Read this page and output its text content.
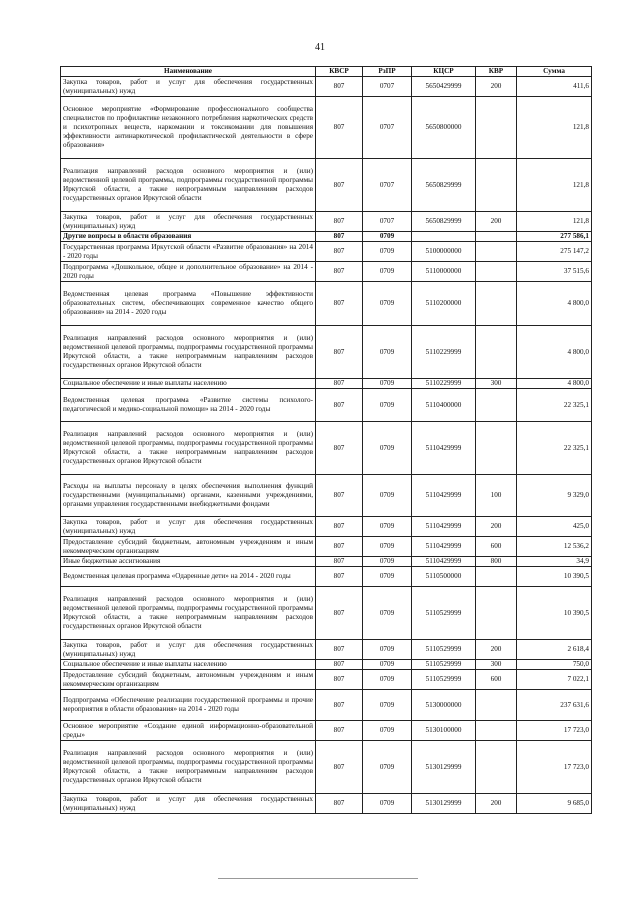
41
Наименование	КВСР	РзПР	КЦСР	КВР	Сумма
Закупка товаров, работ и услуг для обеспечения государственных (муниципальных) нужд	807	0707	5650429999	200	411,6
Основное мероприятие «Формирование профессионального сообщества специалистов по профилактике незаконного потребления наркотических средств и психотропных веществ, наркомании и токсикомании для повышения эффективности антинаркотической профилактической деятельности в сфере образования»	807	0707	5650800000		121,8
Реализация направлений расходов основного мероприятия и (или) ведомственной целевой программы, подпрограммы государственной программы Иркутской области, а также непрограммным направлениям расходов государственных органов Иркутской области	807	0707	5650829999		121,8
Закупка товаров, работ и услуг для обеспечения государственных (муниципальных) нужд	807	0707	5650829999	200	121,8
Другие вопросы в области образования	807	0709			277 586,1
Государственная программа Иркутской области «Развитие образования» на 2014 - 2020 годы	807	0709	5100000000		275 147,2
Подпрограмма «Дошкольное, общее и дополнительное образование» на 2014 - 2020 годы	807	0709	5110000000		37 515,6
Ведомственная целевая программа «Повышение эффективности образовательных систем, обеспечивающих современное качество общего образования» на 2014 - 2020 годы	807	0709	5110200000		4 800,0
Реализация направлений расходов основного мероприятия и (или) ведомственной целевой программы, подпрограммы государственной программы Иркутской области, а также непрограммным направлениям расходов государственных органов Иркутской области	807	0709	5110229999		4 800,0
Социальное обеспечение и иные выплаты населению	807	0709	5110229999	300	4 800,0
Ведомственная целевая программа «Развитие системы психолого-педагогической и медико-социальной помощи» на 2014 - 2020 годы	807	0709	5110400000		22 325,1
Реализация направлений расходов основного мероприятия и (или) ведомственной целевой программы, подпрограммы государственной программы Иркутской области, а также непрограммным направлениям расходов государственных органов Иркутской области	807	0709	5110429999		22 325,1
Расходы на выплаты персоналу в целях обеспечения выполнения функций государственными (муниципальными) органами, казенными учреждениями, органами управления государственными внебюджетными фондами	807	0709	5110429999	100	9 329,0
Закупка товаров, работ и услуг для обеспечения государственных (муниципальных) нужд	807	0709	5110429999	200	425,0
Предоставление субсидий бюджетным, автономным учреждениям и иным некоммерческим организациям	807	0709	5110429999	600	12 536,2
Иные бюджетные ассигнования	807	0709	5110429999	800	34,9
Ведомственная целевая программа «Одаренные дети» на 2014 - 2020 годы	807	0709	5110500000		10 390,5
Реализация направлений расходов основного мероприятия и (или) ведомственной целевой программы, подпрограммы государственной программы Иркутской области, а также непрограммным направлениям расходов государственных органов Иркутской области	807	0709	5110529999		10 390,5
Закупка товаров, работ и услуг для обеспечения государственных (муниципальных) нужд	807	0709	5110529999	200	2 618,4
Социальное обеспечение и иные выплаты населению	807	0709	5110529999	300	750,0
Предоставление субсидий бюджетным, автономным учреждениям и иным некоммерческим организациям	807	0709	5110529999	600	7 022,1
Подпрограмма «Обеспечение реализации государственной программы и прочие мероприятия в области образования» на 2014 - 2020 годы	807	0709	5130000000		237 631,6
Основное мероприятие «Создание единой информационно-образовательной среды»	807	0709	5130100000		17 723,0
Реализация направлений расходов основного мероприятия и (или) ведомственной целевой программы, подпрограммы государственной программы Иркутской области, а также непрограммным направлениям расходов государственных органов Иркутской области	807	0709	5130129999		17 723,0
Закупка товаров, работ и услуг для обеспечения государственных (муниципальных) нужд	807	0709	5130129999	200	9 685,0
